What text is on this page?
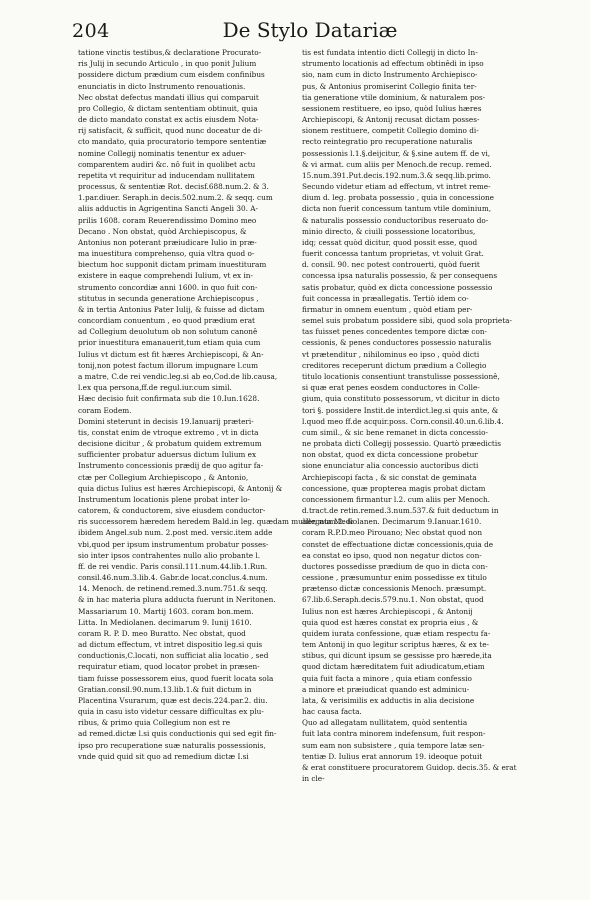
204	De Stylo Datariæ
tatione vinctis testibus,& declaratione Procurato-
ris Julij in secundo Articulo , in quo ponit Julium
possidere dictum prædium cum eisdem confinibus
enunciatis in dicto Instrumento renouationis.
Nec obstat defectus mandati illius qui comparuit
pro Collegio, & dictam sententiam obtinuit, quia
de dicto mandato constat ex actis eiusdem Nota-
rij satisfacit, & sufficit, quod nunc doceatur de di-
cto mandato, quia procuratorio tempore sententiæ
nomine Collegij nominatis tenentur ex aduer-
comparentem audiri &c. nô fuit in quolibet actu
repetita vt requiritur ad inducendam nullitatem
processus, & sententiæ Rot. decisf.688.num.2. & 3.
1.par.diuer. Seraph.in decis.502.num.2. & seqq. cum
aliis adductis in Agrigentina Sancti Angeli 30. A-
prilis 1608. coram Reuerendissimo Domino meo
Decano . Non obstat, quòd Archiepiscopus, &
Antonius non poterant præiudicare Iulio in præ-
ma inuestitura comprehenso, quia vltra quod o-
biectum hoc supponit dictam primam inuestituram
existere in eaque comprehendi Iulium, vt ex in-
strumento concordiæ anni 1600. in quo fuit con-
stitutus in secunda generatione Archiepiscopus ,
& in tertia Antonius Pater Iulij, & fuisse ad dictam
concordiam conuentum , eo quod prædium erat
ad Collegium deuolutum ob non solutum canonê
prior inuestitura emanauerit,tum etiam quia cum
Iulius vt dictum est fit hæres Archiepiscopi, & An-
tonij,non potest factum illorum impugnare l.cum
a matre, C.de rei vendic.leg.si ab eo,Cod.de lib.causa,
l.ex qua persona,ff.de regul.iur.cum simil.
Hæc decisio fuit confirmata sub die 10.Iun.1628.
coram Eodem.
Domini steterunt in decisis 19.Ianuarij præteri-
tis, constat enim de vtroque extremo , vt in dicta
decisione dicitur , & probatum quidem extremum
sufficienter probatur aduersus dictum Iulium ex
Instrumento concessionis prædij de quo agitur fa-
ctæ per Collegium Archiepiscopo , & Antonio,
quia dictus Iulius est hæres Archiepiscopi, & Antonij &
Instrumentum locationis plene probat inter lo-
catorem, & conductorem, sive eiusdem conductor-
ris successorem hæredem heredem Bald.in leg. quædam mulier, num.2. &
ibidem Angel.sub num. 2.post med. versic.item adde
vbi,quod per ipsum instrumentum probatur posses-
sio inter ipsos contrahentes nullo alio probante l.
ff. de rei vendic. Paris consil.111.num.44.lib.1.Run.
consil.46.num.3.lib.4. Gabr.de locat.conclus.4.num.
14. Menoch. de retinend.remed.3.num.751.& seqq.
& in hac materia plura adducta fuerunt in Neritonen.
Massariarum 10. Martij 1603. coram bon.mem.
Litta. In Mediolanen. decimarum 9. Iunij 1610.
coram R. P. D. meo Buratto. Nec obstat, quod
ad dictum effectum, vt intret dispositio leg.si quis
conductionis,C.locati, non sufficiat alia locatio , sed
requiratur etiam, quod locator probet in præsen-
tiam fuisse possessorem eius, quod fuerit locata sola
Gratian.consil.90.num.13.lib.1.& fuit dictum in
Placentina Vsurarum, quæ est decis.224.par.2. diu.
quia in casu isto videtur cessare difficultas ex plu-
ribus, & primo quia Collegium non est re
ad remed.dictæ l.si quis conductionis qui sed egit fin-
ipso pro recuperatione suæ naturalis possessionis,
vnde quid quid sit quo ad remedium dictæ I.si
tis est fundata intentio dicti Collegij in dicto In-
strumento locationis ad effectum obtinêdi in ipso
sio, nam cum in dicto Instrumento Archiepisco-
pus, & Antonius promiserint Collegio finita ter-
tia generatione vtile dominium, & naturalem pos-
sessionem restituere, eo ipso, quòd Iulius hæres
Archiepiscopi, & Antonij recusat dictam posses-
sionem restituere, competit Collegio domino di-
recto reintegratio pro recuperatione naturalis
possessionis l.1.§.deijcitur, & §.sine autem ff. de vi,
& vi armat. cum aliis per Menoch.de recup. remed.
15.num.391.Put.decis.192.num.3.& seqq.lib.primo.
Secundo videtur etiam ad effectum, vt intret reme-
dium d. leg. probata possessio , quia in concessione
dicta non fuerit concessum tantum vtile dominium,
& naturalis possessio conductoribus reseruato do-
minio directo, & ciuili possessione locatoribus,
idq; cessat quòd dicitur, quod possit esse, quod
fuerit concessa tantum proprietas, vt voluit Grat.
d. consil. 90. nec potest controuerti, quòd fuerit
concessa ipsa naturalis possessio, & per consequens
satis probatur, quòd ex dicta concessione possessio
fuit concessa in præallegatis. Tertiò idem co-
firmatur in omnem euentum , quòd etiam per-
semel suis probatum possidere sibi, quod sola proprieta-
tas fuisset penes concedentes tempore dictæ con-
cessionis, & penes conductores possessio naturalis
vt prætenditur , nihilominus eo ipso , quòd dicti
creditores receperunt dictum prædium a Collegio
titulo locationis consentiunt transtulisse possessionê,
si quæ erat penes eosdem conductores in Colle-
gium, quia constituto possessorum, vt dicitur in dicto
tori §. possidere Instit.de interdict.leg.si quis ante, &
l.quod meo ff.de acquir.poss. Corn.consil.40.un.6.lib.4.
cum simil., & sic bene remanet in dicta concessio-
ne probata dicti Collegij possessio. Quartò præedictis
non obstat, quod ex dicta concessione probetur
sione enunciatur alia concessio auctoribus dicti
Archiepiscopi facta , & sic constat de geminata
concessione, quæ propterea magis probat dictam
concessionem firmantur l.2. cum aliis per Menoch.
d.tract.de retin.remed.3.num.537.& fuit deductum in
allegata Mediolanen. Decimarum 9.Ianuar.1610.
coram R.P.D.meo Pirouano; Nec obstat quod non
constet de effectuatione dictæ concessionis,quia de
ea constat eo ipso, quod non negatur dictos con-
ductores possedisse prædium de quo in dicta con-
cessione , præsumuntur enim possedisse ex titulo
prætenso dictæ concessionis Menoch. præsumpt.
67.lib.6.Seraph.decis.579.nu.1. Non obstat, quod
Iulius non est hæres Archiepiscopi , & Antonij
quia quod est hæres constat ex propria eius , &
quidem iurata confessione, quæ etiam respectu fa-
tem Antonij in quo legitur scriptus hæres, & ex te-
stibus, qui dicunt ipsum se gessisse pro hærede,ita
quod dictam hæreditatem fuit adiudicatum,etiam
quia fuit facta a minore , quia etiam confessio
a minore et præiudicat quando est adminicu-
lata, & verisimilis ex adductis in alia decisione
hac causa facta.
Quo ad allegatam nullitatem, quòd sententia
fuit lata contra minorem indefensum, fuit respon-
sum eam non subsistere , quia tempore latæ sen-
tentiæ D. Iulius erat annorum 19. ideoque potuit
& erat constituere procuratorem Guidop. decis.35. & erat
in cle-
